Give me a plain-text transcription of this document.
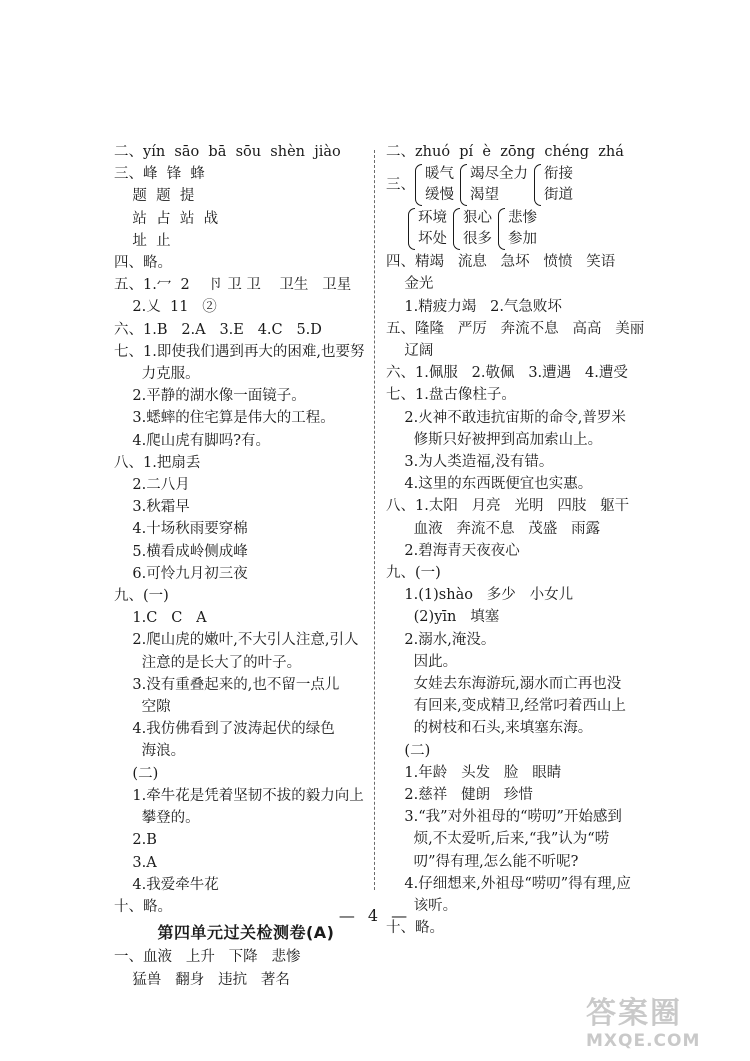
二、yín  sāo  bā  sōu  shèn  jiào
三、峰  锋  蜂
题  题  提
站  占  站  战
址  止
四、略。
五、1.冖  2    卪 卫 卫    卫生   卫星
2.乂  11   ②
六、1.B   2.A   3.E   4.C   5.D
七、1.即使我们遇到再大的困难,也要努
力克服。
2.平静的湖水像一面镜子。
3.蟋蟀的住宅算是伟大的工程。
4.爬山虎有脚吗?有。
八、1.把扇丢
2.二八月
3.秋霜早
4.十场秋雨要穿棉
5.横看成岭侧成峰
6.可怜九月初三夜
九、(一)
1.C   C   A
2.爬山虎的嫩叶,不大引人注意,引人
注意的是长大了的叶子。
3.没有重叠起来的,也不留一点儿
空隙
4.我仿佛看到了波涛起伏的绿色
海浪。
(二)
1.牵牛花是凭着坚韧不拔的毅力向上
攀登的。
2.B
3.A
4.我爱牵牛花
十、略。
第四单元过关检测卷(A)
一、血液   上升   下降   悲惨
猛兽   翻身   违抗   著名
二、zhuó  pí  è  zōng  chéng  zhá
三、
暖气
缓慢
竭尽全力
渴望
衔接
街道
环境
坏处
狠心
很多
悲惨
参加
四、精竭   流息   急坏   愤愤   笑语
金光
1.精疲力竭   2.气急败坏
五、隆隆   严厉   奔流不息   高高   美丽
辽阔
六、1.佩服   2.敬佩   3.遭遇   4.遭受
七、1.盘古像柱子。
2.火神不敢违抗宙斯的命令,普罗米
修斯只好被押到高加索山上。
3.为人类造福,没有错。
4.这里的东西既便宜也实惠。
八、1.太阳   月亮   光明   四肢   躯干
血液   奔流不息   茂盛   雨露
2.碧海青天夜夜心
九、(一)
1.(1)shào   多少   小女儿
(2)yīn   填塞
2.溺水,淹没。
因此。
女娃去东海游玩,溺水而亡再也没
有回来,变成精卫,经常叼着西山上
的树枝和石头,来填塞东海。
(二)
1.年龄   头发   脸   眼睛
2.慈祥   健朗   珍惜
3.“我”对外祖母的“唠叨”开始感到
烦,不太爱听,后来,“我”认为“唠
叨”得有理,怎么能不听呢?
4.仔细想来,外祖母“唠叨”得有理,应
该听。
十、略。
— 4 —
答案圈
MXQE.COM
